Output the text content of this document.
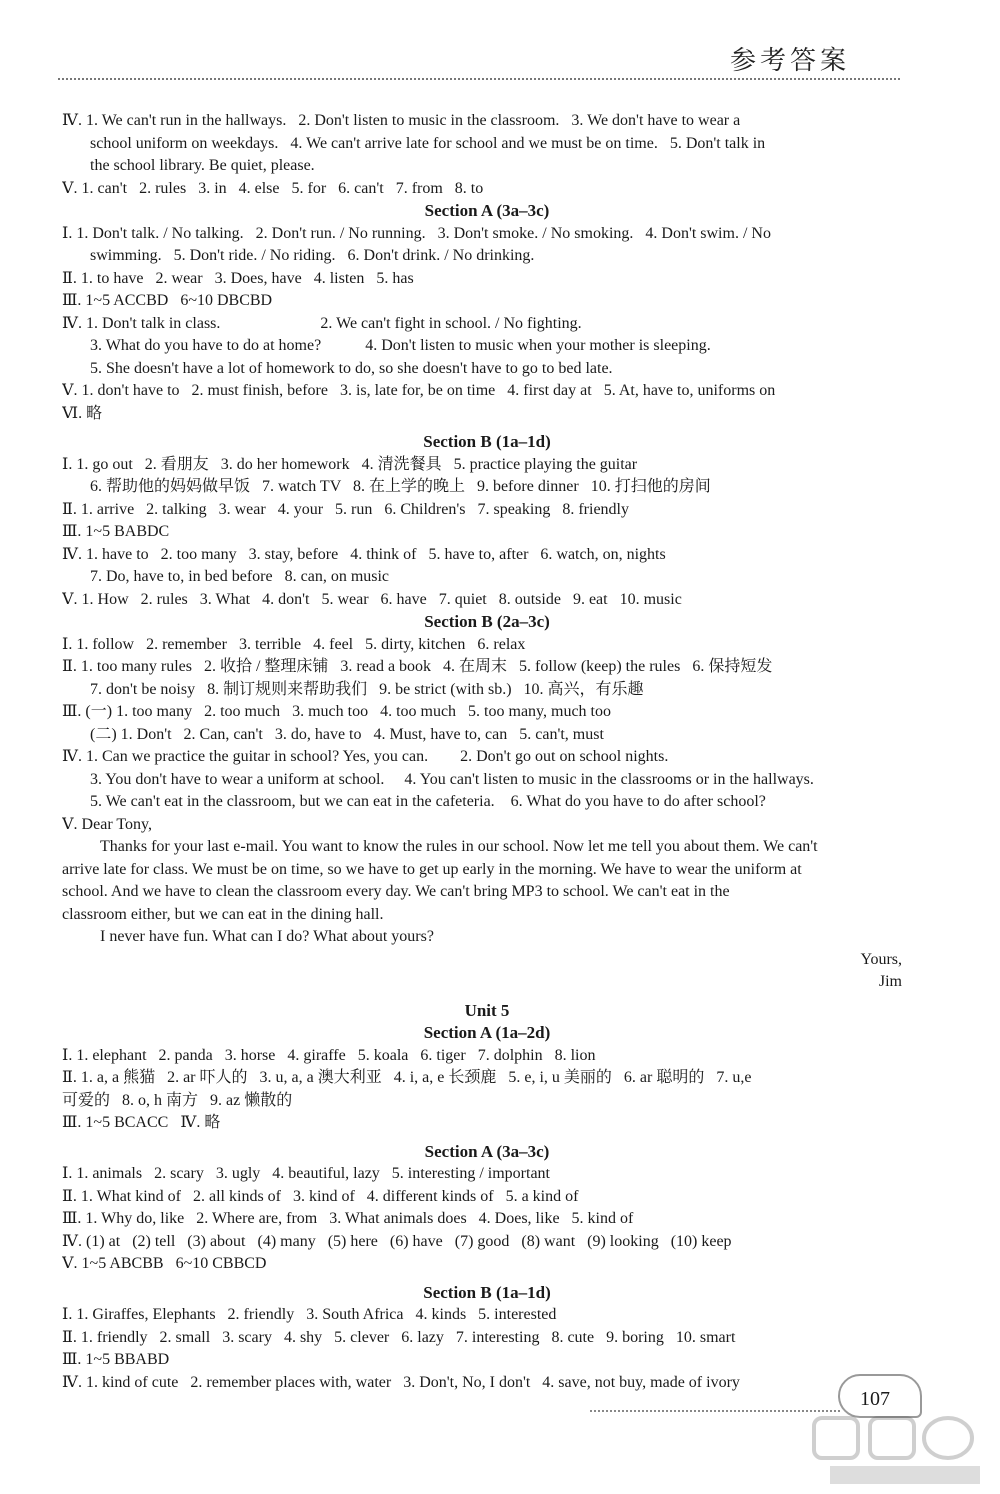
参考答案
Ⅳ. 1. We can't run in the hallways.   2. Don't listen to music in the classroom.   3. We don't have to wear a
school uniform on weekdays.   4. We can't arrive late for school and we must be on time.   5. Don't talk in
the school library. Be quiet, please.
Ⅴ. 1. can't   2. rules   3. in   4. else   5. for   6. can't   7. from   8. to
Section A (3a–3c)
Ⅰ. 1. Don't talk. / No talking.   2. Don't run. / No running.   3. Don't smoke. / No smoking.   4. Don't swim. / No
swimming.   5. Don't ride. / No riding.   6. Don't drink. / No drinking.
Ⅱ. 1. to have   2. wear   3. Does, have   4. listen   5. has
Ⅲ. 1~5 ACCBD   6~10 DBCBD
Ⅳ. 1. Don't talk in class.                         2. We can't fight in school. / No fighting.
3. What do you have to do at home?           4. Don't listen to music when your mother is sleeping.
5. She doesn't have a lot of homework to do, so she doesn't have to go to bed late.
Ⅴ. 1. don't have to   2. must finish, before   3. is, late for, be on time   4. first day at   5. At, have to, uniforms on
Ⅵ. 略
Section B (1a–1d)
Ⅰ. 1. go out   2. 看朋友   3. do her homework   4. 清洗餐具   5. practice playing the guitar
6. 帮助他的妈妈做早饭   7. watch TV   8. 在上学的晚上   9. before dinner   10. 打扫他的房间
Ⅱ. 1. arrive   2. talking   3. wear   4. your   5. run   6. Children's   7. speaking   8. friendly
Ⅲ. 1~5 BABDC
Ⅳ. 1. have to   2. too many   3. stay, before   4. think of   5. have to, after   6. watch, on, nights
7. Do, have to, in bed before   8. can, on music
Ⅴ. 1. How   2. rules   3. What   4. don't   5. wear   6. have   7. quiet   8. outside   9. eat   10. music
Section B (2a–3c)
Ⅰ. 1. follow   2. remember   3. terrible   4. feel   5. dirty, kitchen   6. relax
Ⅱ. 1. too many rules   2. 收拾 / 整理床铺   3. read a book   4. 在周末   5. follow (keep) the rules   6. 保持短发
7. don't be noisy   8. 制订规则来帮助我们   9. be strict (with sb.)   10. 高兴，有乐趣
Ⅲ. (一) 1. too many   2. too much   3. much too   4. too much   5. too many, much too
(二) 1. Don't   2. Can, can't   3. do, have to   4. Must, have to, can   5. can't, must
Ⅳ. 1. Can we practice the guitar in school? Yes, you can.        2. Don't go out on school nights.
3. You don't have to wear a uniform at school.     4. You can't listen to music in the classrooms or in the hallways.
5. We can't eat in the classroom, but we can eat in the cafeteria.    6. What do you have to do after school?
Ⅴ. Dear Tony,
Thanks for your last e-mail. You want to know the rules in our school. Now let me tell you about them. We can't
arrive late for class. We must be on time, so we have to get up early in the morning. We have to wear the uniform at
school. And we have to clean the classroom every day. We can't bring MP3 to school. We can't eat in the
classroom either, but we can eat in the dining hall.
I never have fun. What can I do? What about yours?
Yours,
Jim
Unit 5
Section A (1a–2d)
Ⅰ. 1. elephant   2. panda   3. horse   4. giraffe   5. koala   6. tiger   7. dolphin   8. lion
Ⅱ. 1. a, a 熊猫   2. ar 吓人的   3. u, a, a 澳大利亚   4. i, a, e 长颈鹿   5. e, i, u 美丽的   6. ar 聪明的   7. u,e
可爱的   8. o, h 南方   9. az 懒散的
Ⅲ. 1~5 BCACC   Ⅳ. 略
Section A (3a–3c)
Ⅰ. 1. animals   2. scary   3. ugly   4. beautiful, lazy   5. interesting / important
Ⅱ. 1. What kind of   2. all kinds of   3. kind of   4. different kinds of   5. a kind of
Ⅲ. 1. Why do, like   2. Where are, from   3. What animals does   4. Does, like   5. kind of
Ⅳ. (1) at   (2) tell   (3) about   (4) many   (5) here   (6) have   (7) good   (8) want   (9) looking   (10) keep
Ⅴ. 1~5 ABCBB   6~10 CBBCD
Section B (1a–1d)
Ⅰ. 1. Giraffes, Elephants   2. friendly   3. South Africa   4. kinds   5. interested
Ⅱ. 1. friendly   2. small   3. scary   4. shy   5. clever   6. lazy   7. interesting   8. cute   9. boring   10. smart
Ⅲ. 1~5 BBABD
Ⅳ. 1. kind of cute   2. remember places with, water   3. Don't, No, I don't   4. save, not buy, made of ivory
107
